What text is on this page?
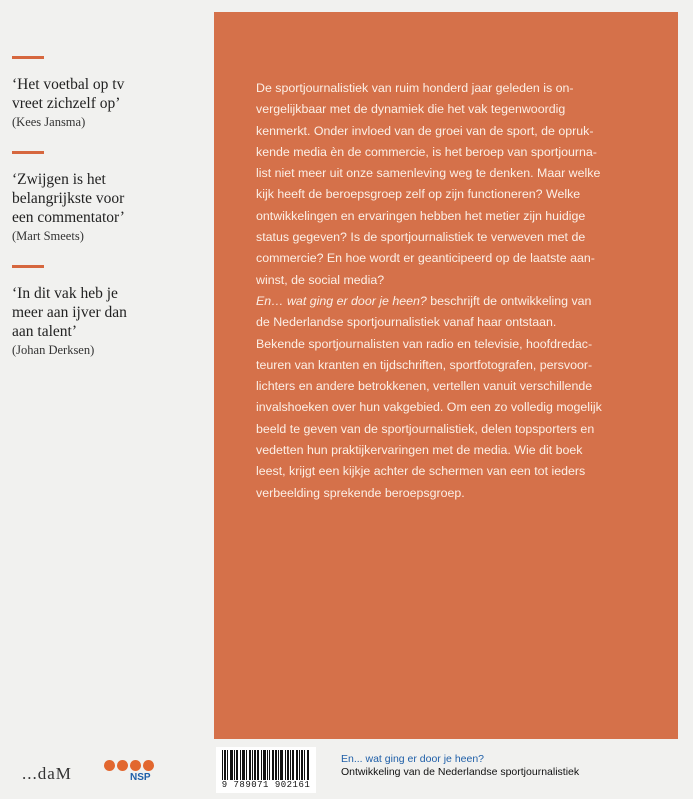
‘Het voetbal op tv
vreet zichzelf op’
(Kees Jansma)
‘Zwijgen is het
belangrijkste voor
een commentator’
(Mart Smeets)
‘In dit vak heb je
meer aan ijver dan
aan talent’
(Johan Derksen)

De sportjournalistiek van ruim honderd jaar geleden is on-
vergelijkbaar met de dynamiek die het vak tegenwoordig
kenmerkt. Onder invloed van de groei van de sport, de opruk-
kende media èn de commercie, is het beroep van sportjourna-
list niet meer uit onze samenleving weg te denken. Maar welke
kijk heeft de beroepsgroep zelf op zijn functioneren? Welke
ontwikkelingen en ervaringen hebben het metier zijn huidige
status gegeven? Is de sportjournalistiek te verweven met de
commercie? En hoe wordt er geanticipeerd op de laatste aan-
winst, de social media?

En… wat ging er door je heen? beschrijft de ontwikkeling van
de Nederlandse sportjournalistiek vanaf haar ontstaan.
Bekende sportjournalisten van radio en televisie, hoofdredac-
teuren van kranten en tijdschriften, sportfotografen, persvoor-
lichters en andere betrokkenen, vertellen vanuit verschillende
invalshoeken over hun vakgebied. Om een zo volledig mogelijk
beeld te geven van de sportjournalistiek, delen topsporters en
vedetten hun praktijkervaringen met de media. Wie dit boek
leest, krijgt een kijkje achter de schermen van een tot ieders
verbeelding sprekende beroepsgroep.

...daM	NSP
9 789071 902161
En... wat ging er door je heen?
Ontwikkeling van de Nederlandse sportjournalistiek
